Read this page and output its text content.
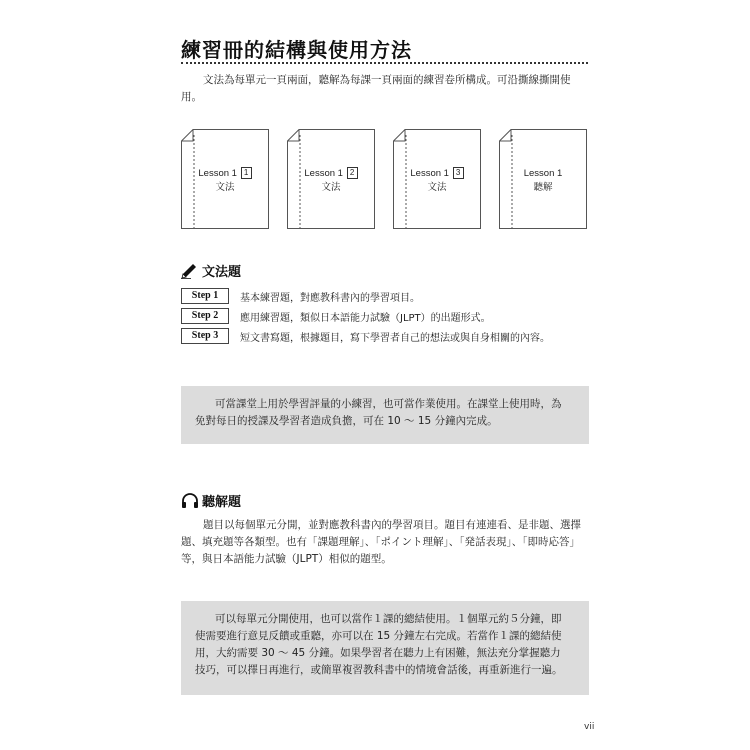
練習冊的結構與使用方法
文法為每單元一頁兩面，聽解為每課一頁兩面的練習卷所構成。可沿撕線撕開使用。
Lesson 1 1
文法
Lesson 1 2
文法
Lesson 1 3
文法
Lesson 1
聽解
文法題
Step 1	基本練習題，對應教科書內的學習項目。
Step 2	應用練習題，類似日本語能力試驗（JLPT）的出題形式。
Step 3	短文書寫題，根據題目，寫下學習者自己的想法或與自身相關的內容。

可當課堂上用於學習評量的小練習，也可當作業使用。在課堂上使用時，為免對每日的授課及學習者造成負擔，可在 10 ～ 15 分鐘內完成。

聽解題
題目以每個單元分開，並對應教科書內的學習項目。題目有連連看、是非題、選擇題、填充題等各類型。也有「課題理解」、「ポイント理解」、「発話表現」、「即時応答」等，與日本語能力試驗（JLPT）相似的題型。

可以每單元分開使用，也可以當作１課的總結使用。１個單元約５分鐘，即使需要進行意見反饋或重聽，亦可以在 15 分鐘左右完成。若當作１課的總結使用，大約需要 30 ～ 45 分鐘。如果學習者在聽力上有困難，無法充分掌握聽力技巧，可以擇日再進行，或簡單複習教科書中的情境會話後，再重新進行一遍。

vii
